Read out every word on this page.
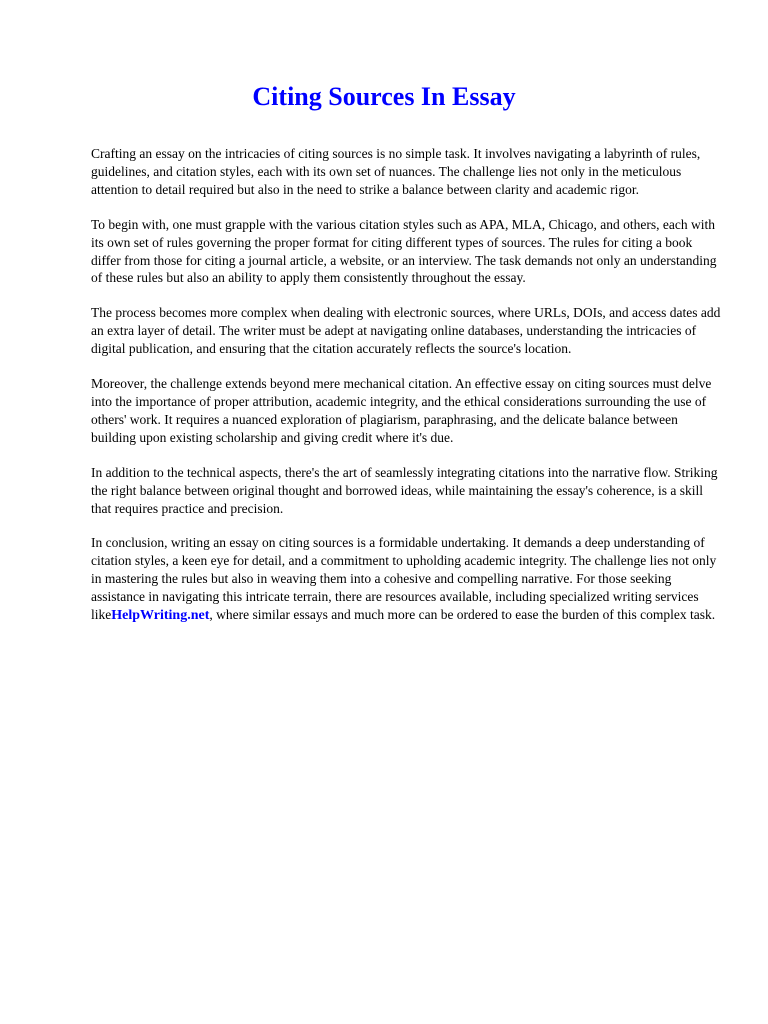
Citing Sources In Essay

Crafting an essay on the intricacies of citing sources is no simple task. It involves navigating a labyrinth of rules, guidelines, and citation styles, each with its own set of nuances. The challenge lies not only in the meticulous attention to detail required but also in the need to strike a balance between clarity and academic rigor.

To begin with, one must grapple with the various citation styles such as APA, MLA, Chicago, and others, each with its own set of rules governing the proper format for citing different types of sources. The rules for citing a book differ from those for citing a journal article, a website, or an interview. The task demands not only an understanding of these rules but also an ability to apply them consistently throughout the essay.

The process becomes more complex when dealing with electronic sources, where URLs, DOIs, and access dates add an extra layer of detail. The writer must be adept at navigating online databases, understanding the intricacies of digital publication, and ensuring that the citation accurately reflects the source's location.

Moreover, the challenge extends beyond mere mechanical citation. An effective essay on citing sources must delve into the importance of proper attribution, academic integrity, and the ethical considerations surrounding the use of others' work. It requires a nuanced exploration of plagiarism, paraphrasing, and the delicate balance between building upon existing scholarship and giving credit where it's due.

In addition to the technical aspects, there's the art of seamlessly integrating citations into the narrative flow. Striking the right balance between original thought and borrowed ideas, while maintaining the essay's coherence, is a skill that requires practice and precision.

In conclusion, writing an essay on citing sources is a formidable undertaking. It demands a deep understanding of citation styles, a keen eye for detail, and a commitment to upholding academic integrity. The challenge lies not only in mastering the rules but also in weaving them into a cohesive and compelling narrative. For those seeking assistance in navigating this intricate terrain, there are resources available, including specialized writing services likeHelpWriting.net, where similar essays and much more can be ordered to ease the burden of this complex task.
